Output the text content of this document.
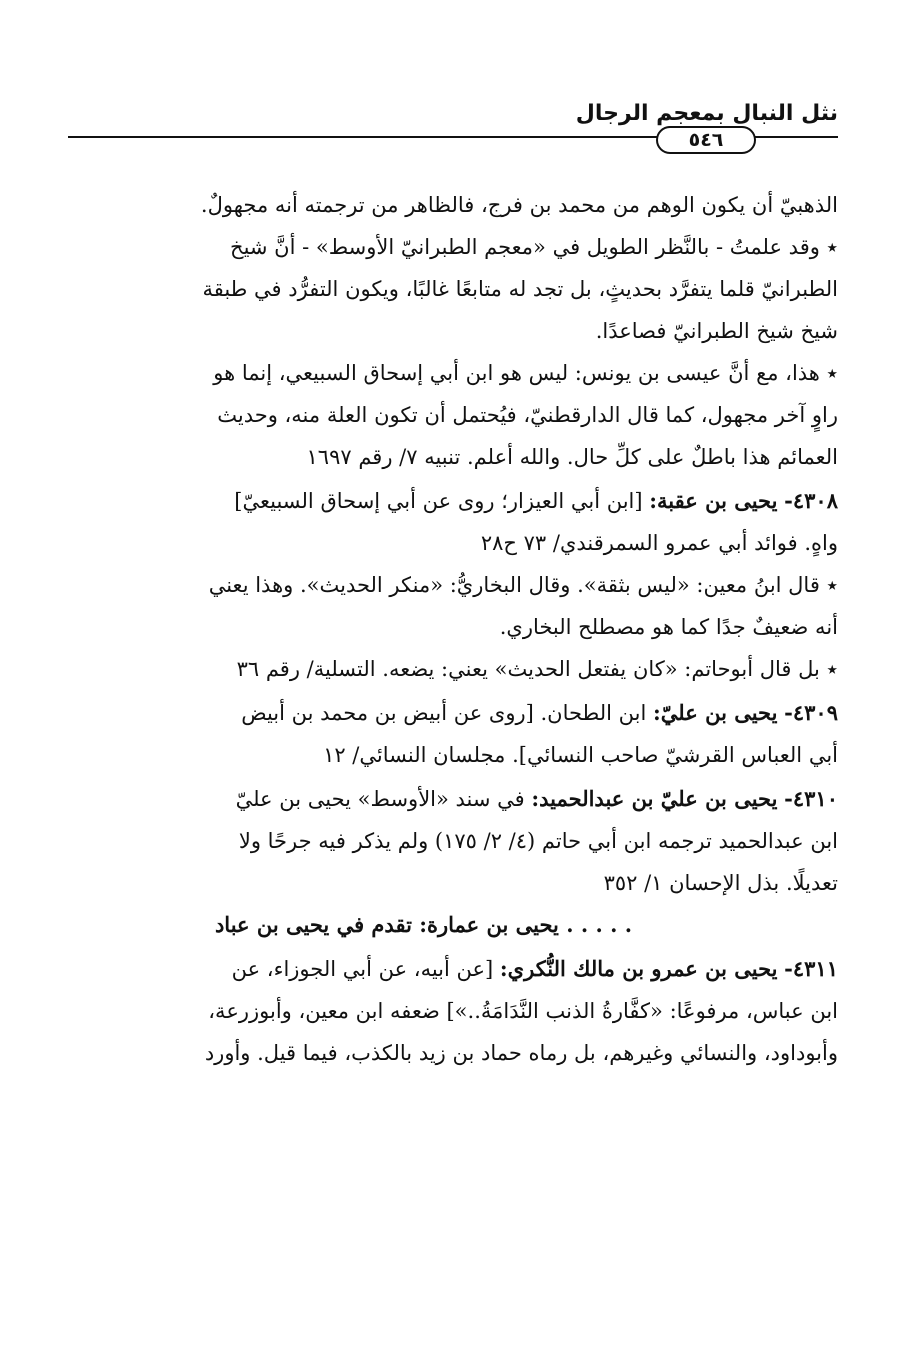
نثل النبال بمعجم الرجال
٥٤٦
الذهبيّ أن يكون الوهم من محمد بن فرج، فالظاهر من ترجمته أنه مجهولٌ.
٭ وقد علمتُ - بالنَّظر الطويل في «معجم الطبرانيّ الأوسط» - أنَّ شيخ
الطبرانيّ قلما يتفرَّد بحديثٍ، بل تجد له متابعًا غالبًا، ويكون التفرُّد في طبقة
شيخ شيخ الطبرانيّ فصاعدًا.
٭ هذا، مع أنَّ عيسى بن يونس: ليس هو ابن أبي إسحاق السبيعي، إنما هو
راوٍ آخر مجهول، كما قال الدارقطنيّ، فيُحتمل أن تكون العلة منه، وحديث
العمائم هذا باطلٌ على كلِّ حال. والله أعلم. تنبيه ٧/ رقم ١٦٩٧
٤٣٠٨- يحيى بن عقبة: [ابن أبي العيزار؛ روى عن أبي إسحاق السبيعيّ]
واهٍ. فوائد أبي عمرو السمرقندي/ ٧٣ ح٢٨
٭ قال ابنُ معين: «ليس بثقة». وقال البخاريُّ: «منكر الحديث». وهذا يعني
أنه ضعيفٌ جدًا كما هو مصطلح البخاري.
٭ بل قال أبوحاتم: «كان يفتعل الحديث» يعني: يضعه. التسلية/ رقم ٣٦
٤٣٠٩- يحيى بن عليّ: ابن الطحان. [روى عن أبيض بن محمد بن أبيض
أبي العباس القرشيّ صاحب النسائي]. مجلسان النسائي/ ١٢
٤٣١٠- يحيى بن عليّ بن عبدالحميد: في سند «الأوسط» يحيى بن عليّ
ابن عبدالحميد ترجمه ابن أبي حاتم (٤/ ٢/ ١٧٥) ولم يذكر فيه جرحًا ولا
تعديلًا. بذل الإحسان ١/ ٣٥٢
. . . . . يحيى بن عمارة: تقدم في يحيى بن عباد
٤٣١١- يحيى بن عمرو بن مالك النُّكري: [عن أبيه، عن أبي الجوزاء، عن
ابن عباس، مرفوعًا: «كفَّارةُ الذنب النَّدَامَةُ..»] ضعفه ابن معين، وأبوزرعة،
وأبوداود، والنسائي وغيرهم، بل رماه حماد بن زيد بالكذب، فيما قيل. وأورد
